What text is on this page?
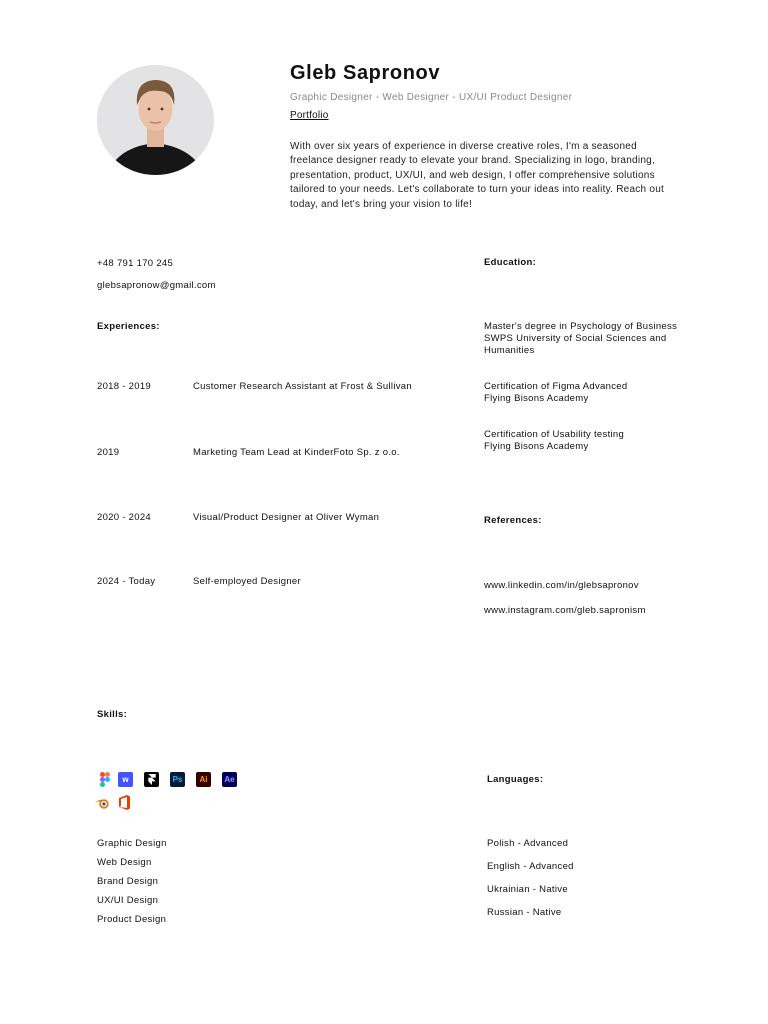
Gleb Sapronov
Graphic Designer - Web Designer - UX/UI Product Designer
Portfolio
With over six years of experience in diverse creative roles, I'm a seasoned freelance designer ready to elevate your brand. Specializing in logo, branding, presentation, product, UX/UI, and web design, I offer comprehensive solutions tailored to your needs. Let's collaborate to turn your ideas into reality. Reach out today, and let's bring your vision to life!
+48 791 170 245
glebsapronow@gmail.com
Experiences:
2018 - 2019	Customer Research Assistant at Frost & Sullivan
2019	Marketing Team Lead at KinderFoto Sp. z o.o.
2020 - 2024	Visual/Product Designer at Oliver Wyman
2024 - Today	Self-employed Designer
Education:
Master's degree in Psychology of Business
SWPS University of Social Sciences and
Humanities
Certification of Figma Advanced
Flying Bisons Academy
Certification of Usability testing
Flying Bisons Academy
References:
www.linkedin.com/in/glebsapronov
www.instagram.com/gleb.sapronism
Skills:
w	Ps	Ai	Ae
Graphic Design
Web Design
Brand Design
UX/UI Design
Product Design
Languages:
Polish - Advanced
English - Advanced
Ukrainian - Native
Russian - Native
